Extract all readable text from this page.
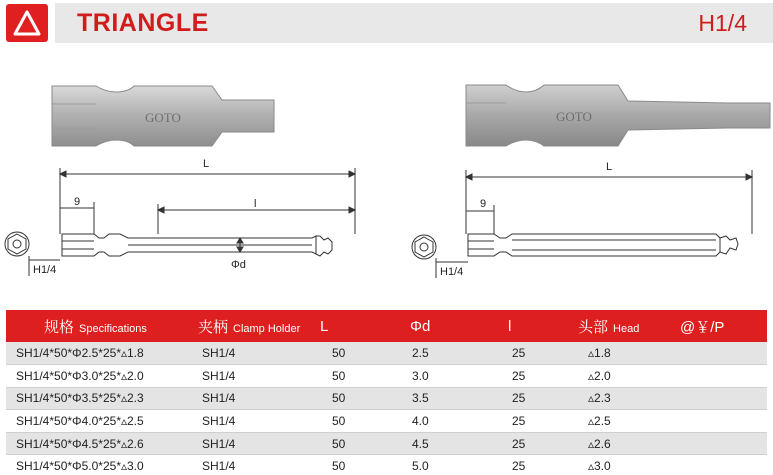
TRIANGLE	H1/4
GOTO	GOTO
L
9	l
Φd
H1/4
L
9
H1/4
规格 Specifications	夹柄 Clamp Holder	L	Φd	l	头部 Head	@￥/P
SH1/4*50*Φ2.5*25*▵1.8	SH1/4	50	2.5	25	▵1.8	
SH1/4*50*Φ3.0*25*▵2.0	SH1/4	50	3.0	25	▵2.0	
SH1/4*50*Φ3.5*25*▵2.3	SH1/4	50	3.5	25	▵2.3	
SH1/4*50*Φ4.0*25*▵2.5	SH1/4	50	4.0	25	▵2.5	
SH1/4*50*Φ4.5*25*▵2.6	SH1/4	50	4.5	25	▵2.6	
SH1/4*50*Φ5.0*25*▵3.0	SH1/4	50	5.0	25	▵3.0	
